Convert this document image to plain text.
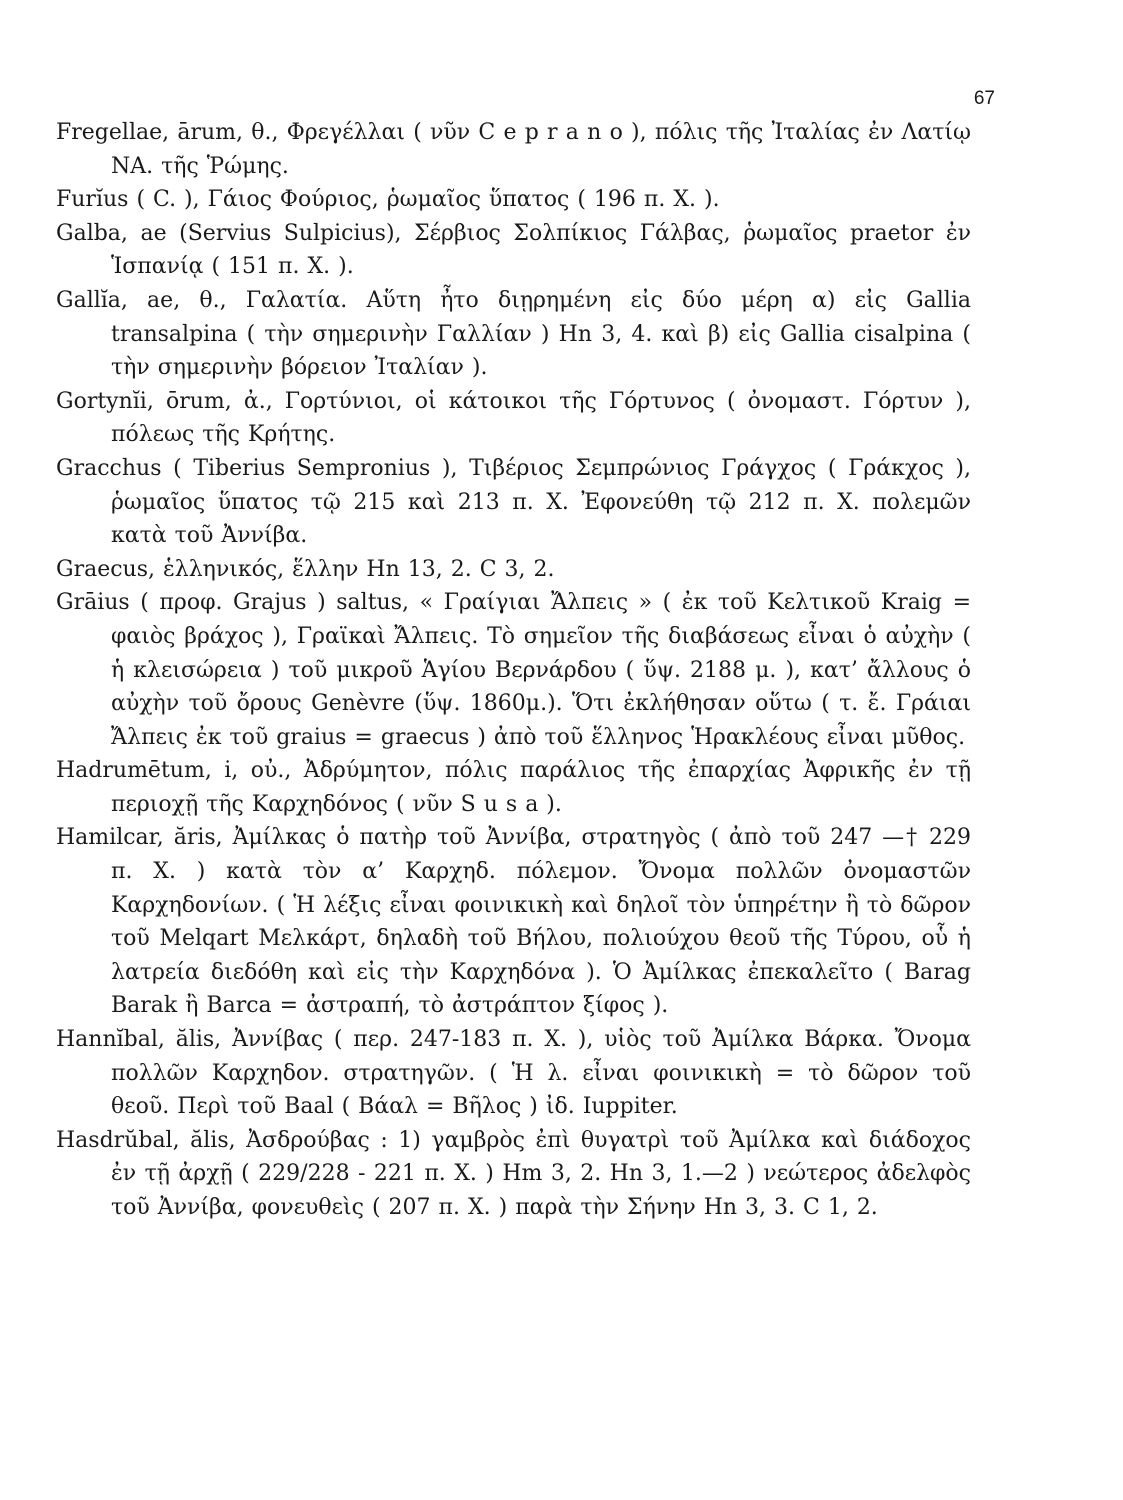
67

Fregellae, ārum, θ., Φρεγέλλαι ( νῦν C e p r a n o ), πόλις τῆς Ἰταλίας ἐν Λατίῳ ΝΑ. τῆς Ῥώμης.

Furĭus ( C. ), Γάιος Φούριος, ῥωμαῖος ὕπατος ( 196 π. Χ. ).

Galba, ae (Servius Sulpicius), Σέρβιος Σολπίκιος Γάλβας, ῥωμαῖος praetor ἐν Ἱσπανίᾳ ( 151 π. Χ. ).

Gallĭa, ae, θ., Γαλατία. Αὕτη ἦτο διῃρημένη εἰς δύο μέρη α) εἰς Gallia transalpina ( τὴν σημερινὴν Γαλλίαν ) Hn 3, 4. καὶ β) εἰς Gallia cisalpina ( τὴν σημερινὴν βόρειον Ἰταλίαν ).

Gortynĭi, ōrum, ἀ., Γορτύνιοι, οἱ κάτοικοι τῆς Γόρτυνος ( ὀνομαστ. Γόρτυν ), πόλεως τῆς Κρήτης.

Gracchus ( Tiberius Sempronius ), Τιβέριος Σεμπρώνιος Γράγχος ( Γράκχος ), ῥωμαῖος ὕπατος τῷ 215 καὶ 213 π. Χ. Ἐφονεύθη τῷ 212 π. Χ. πολεμῶν κατὰ τοῦ Ἀννίβα.

Graecus, ἑλληνικός, ἕλλην Hn 13, 2. C 3, 2.

Grāius ( προφ. Grajus ) saltus, « Γραίγιαι Ἄλπεις » ( ἐκ τοῦ Κελτικοῦ Kraig = φαιὸς βράχος ), Γραϊκαὶ Ἄλπεις. Τὸ σημεῖον τῆς διαβάσεως εἶναι ὁ αὐχὴν ( ἡ κλεισώρεια ) τοῦ μικροῦ Ἁγίου Βερνάρδου ( ὕψ. 2188 μ. ), κατ’ ἄλλους ὁ αὐχὴν τοῦ ὄρους Genèvre (ὕψ. 1860μ.). Ὅτι ἐκλήθησαν οὕτω ( τ. ἔ. Γράιαι Ἄλπεις ἐκ τοῦ graius = graecus ) ἀπὸ τοῦ ἕλληνος Ἡρακλέους εἶναι μῦθος.

Hadrumētum, i, οὐ., Ἀδρύμητον, πόλις παράλιος τῆς ἐπαρχίας Ἀφρικῆς ἐν τῇ περιοχῇ τῆς Καρχηδόνος ( νῦν S u s a ).

Hamilcar, ăris, Ἀμίλκας ὁ πατὴρ τοῦ Ἀννίβα, στρατηγὸς ( ἀπὸ τοῦ 247 —† 229 π. Χ. ) κατὰ τὸν α’ Καρχηδ. πόλεμον. Ὄνομα πολλῶν ὀνομαστῶν Καρχηδονίων. ( Ἡ λέξις εἶναι φοινικικὴ καὶ δηλοῖ τὸν ὑπηρέτην ἢ τὸ δῶρον τοῦ Melqart Μελκάρτ, δηλαδὴ τοῦ Βήλου, πολιούχου θεοῦ τῆς Τύρου, οὗ ἡ λατρεία διεδόθη καὶ εἰς τὴν Καρχηδόνα ). Ὁ Ἀμίλκας ἐπεκαλεῖτο ( Barag Barak ἢ Barca = ἀστραπή, τὸ ἀστράπτον ξίφος ).

Hannĭbal, ălis, Ἀννίβας ( περ. 247-183 π. Χ. ), υἱὸς τοῦ Ἀμίλκα Βάρκα. Ὄνομα πολλῶν Καρχηδον. στρατηγῶν. ( Ἡ λ. εἶναι φοινικικὴ = τὸ δῶρον τοῦ θεοῦ. Περὶ τοῦ Baal ( Βάαλ = Βῆλος ) ἰδ. Iuppiter.

Hasdrŭbal, ălis, Ἀσδρούβας : 1) γαμβρὸς ἐπὶ θυγατρὶ τοῦ Ἀμίλκα καὶ διάδοχος ἐν τῇ ἀρχῇ ( 229/228 - 221 π. Χ. ) Hm 3, 2. Hn 3, 1.—2 ) νεώτερος ἀδελφὸς τοῦ Ἀννίβα, φονευθεὶς ( 207 π. Χ. ) παρὰ τὴν Σήνην Hn 3, 3. C 1, 2.
